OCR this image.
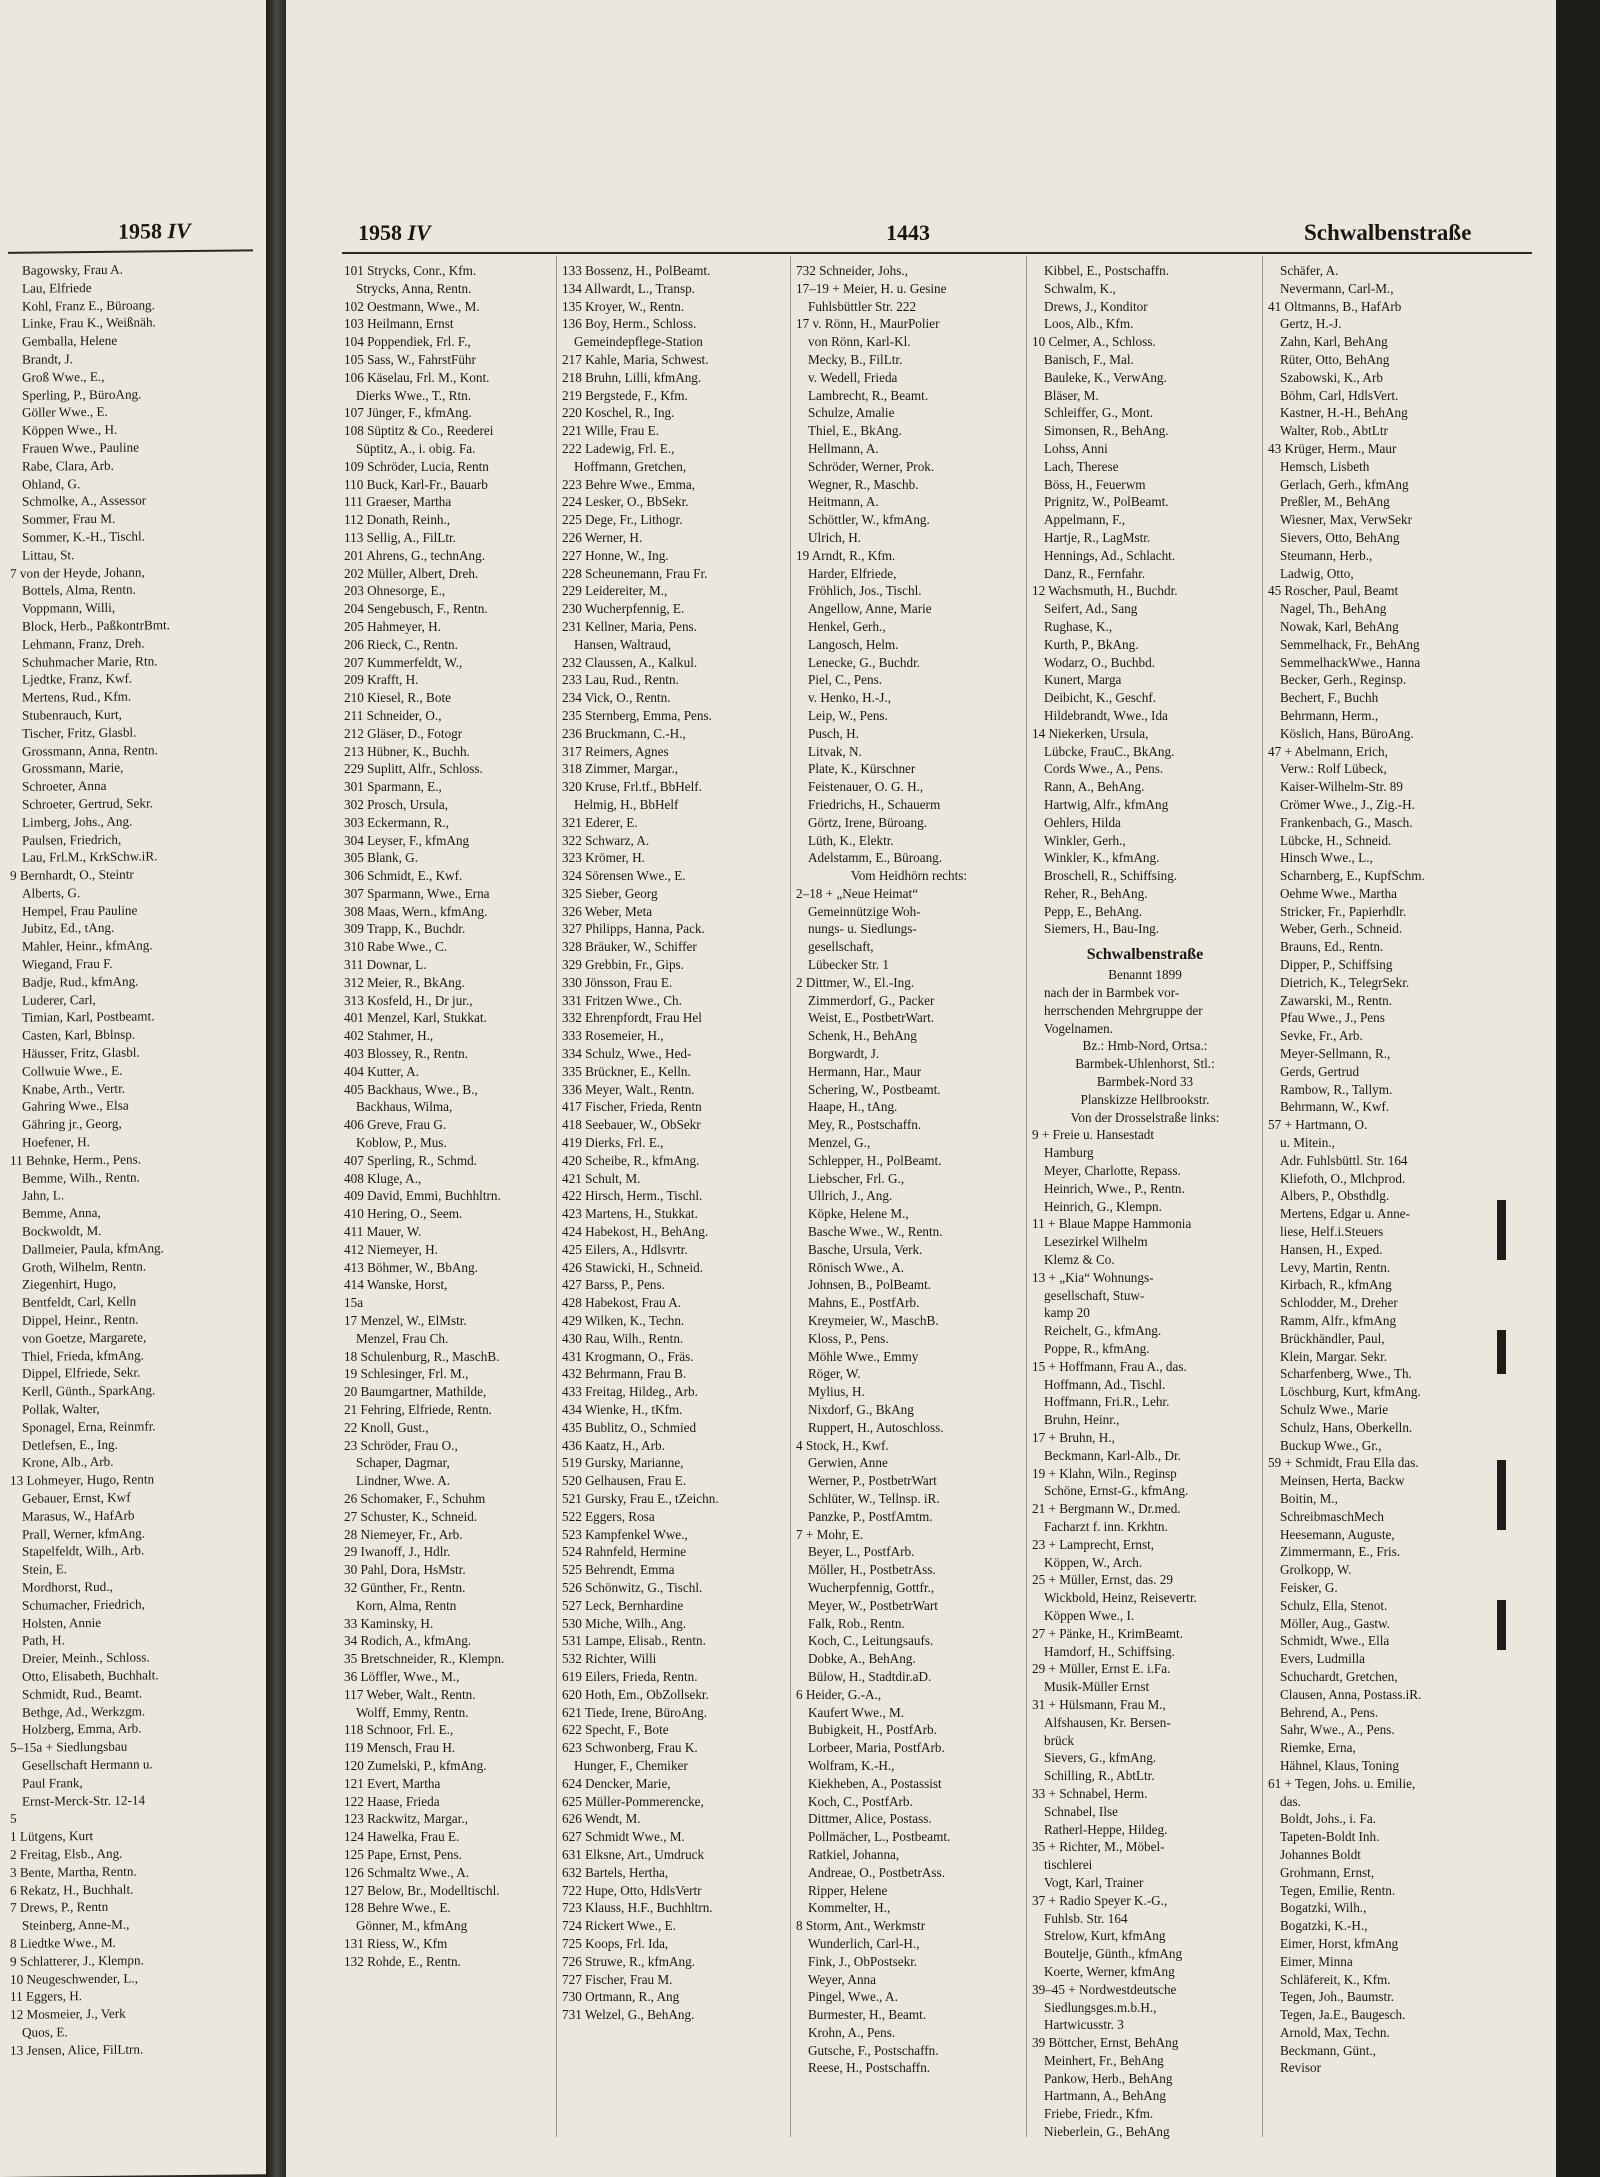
1958 IV
Bagowsky, Frau A.
Lau, Elfriede
Kohl, Franz E., Büroang.
Linke, Frau K., Weißnäh.
Gemballa, Helene
Brandt, J.
Groß Wwe., E.,
Sperling, P., BüroAng.
Göller Wwe., E.
Köppen Wwe., H.
Frauen Wwe., Pauline
Rabe, Clara, Arb.
Ohland, G.
Schmolke, A., Assessor
Sommer, Frau M.
Sommer, K.-H., Tischl.
Littau, St.
7 von der Heyde, Johann,
Bottels, Alma, Rentn.
Voppmann, Willi,
Block, Herb., PaßkontrBmt.
Lehmann, Franz, Dreh.
Schuhmacher Marie, Rtn.
Ljedtke, Franz, Kwf.
Mertens, Rud., Kfm.
Stubenrauch, Kurt,
Tischer, Fritz, Glasbl.
Grossmann, Anna, Rentn.
Grossmann, Marie,
Schroeter, Anna
Schroeter, Gertrud, Sekr.
Limberg, Johs., Ang.
Paulsen, Friedrich,
Lau, Frl.M., KrkSchw.iR.
9 Bernhardt, O., Steintr
Alberts, G.
Hempel, Frau Pauline
Jubitz, Ed., tAng.
Mahler, Heinr., kfmAng.
Wiegand, Frau F.
Badje, Rud., kfmAng.
Luderer, Carl,
Timian, Karl, Postbeamt.
Casten, Karl, Bblnsp.
Häusser, Fritz, Glasbl.
Collwuie Wwe., E.
Knabe, Arth., Vertr.
Gahring Wwe., Elsa
Gähring jr., Georg,
Hoefener, H.
11 Behnke, Herm., Pens.
Bemme, Wilh., Rentn.
Jahn, L.
Bemme, Anna,
Bockwoldt, M.
Dallmeier, Paula, kfmAng.
Groth, Wilhelm, Rentn.
Ziegenhirt, Hugo,
Bentfeldt, Carl, Kelln
Dippel, Heinr., Rentn.
von Goetze, Margarete,
Thiel, Frieda, kfmAng.
Dippel, Elfriede, Sekr.
Kerll, Günth., SparkAng.
Pollak, Walter,
Sponagel, Erna, Reinmfr.
Detlefsen, E., Ing.
Krone, Alb., Arb.
13 Lohmeyer, Hugo, Rentn
Gebauer, Ernst, Kwf
Marasus, W., HafArb
Prall, Werner, kfmAng.
Stapelfeldt, Wilh., Arb.
Stein, E.
Mordhorst, Rud.,
Schumacher, Friedrich,
Holsten, Annie
Path, H.
Dreier, Meinh., Schloss.
Otto, Elisabeth, Buchhalt.
Schmidt, Rud., Beamt.
Bethge, Ad., Werkzgm.
Holzberg, Emma, Arb.
5–15a + Siedlungsbau
Gesellschaft Hermann u.
Paul Frank,
Ernst-Merck-Str. 12-14
5
1 Lütgens, Kurt
2 Freitag, Elsb., Ang.
3 Bente, Martha, Rentn.
6 Rekatz, H., Buchhalt.
7 Drews, P., Rentn
Steinberg, Anne-M.,
8 Liedtke Wwe., M.
9 Schlatterer, J., Klempn.
10 Neugeschwender, L.,
11 Eggers, H.
12 Mosmeier, J., Verk
Quos, E.
13 Jensen, Alice, FilLtrn.
1958 IV	1443	Schwalbenstraße
101 Strycks, Conr., Kfm.
Strycks, Anna, Rentn.
102 Oestmann, Wwe., M.
103 Heilmann, Ernst
104 Poppendiek, Frl. F.,
105 Sass, W., FahrstFühr
106 Käselau, Frl. M., Kont.
Dierks Wwe., T., Rtn.
107 Jünger, F., kfmAng.
108 Süptitz & Co., Reederei
Süptitz, A., i. obig. Fa.
109 Schröder, Lucia, Rentn
110 Buck, Karl-Fr., Bauarb
111 Graeser, Martha
112 Donath, Reinh.,
113 Sellig, A., FilLtr.
201 Ahrens, G., technAng.
202 Müller, Albert, Dreh.
203 Ohnesorge, E.,
204 Sengebusch, F., Rentn.
205 Hahmeyer, H.
206 Rieck, C., Rentn.
207 Kummerfeldt, W.,
209 Krafft, H.
210 Kiesel, R., Bote
211 Schneider, O.,
212 Gläser, D., Fotogr
213 Hübner, K., Buchh.
229 Suplitt, Alfr., Schloss.
301 Sparmann, E.,
302 Prosch, Ursula,
303 Eckermann, R.,
304 Leyser, F., kfmAng
305 Blank, G.
306 Schmidt, E., Kwf.
307 Sparmann, Wwe., Erna
308 Maas, Wern., kfmAng.
309 Trapp, K., Buchdr.
310 Rabe Wwe., C.
311 Downar, L.
312 Meier, R., BkAng.
313 Kosfeld, H., Dr jur.,
401 Menzel, Karl, Stukkat.
402 Stahmer, H.,
403 Blossey, R., Rentn.
404 Kutter, A.
405 Backhaus, Wwe., B.,
Backhaus, Wilma,
406 Greve, Frau G.
Koblow, P., Mus.
407 Sperling, R., Schmd.
408 Kluge, A.,
409 David, Emmi, Buchhltrn.
410 Hering, O., Seem.
411 Mauer, W.
412 Niemeyer, H.
413 Böhmer, W., BbAng.
414 Wanske, Horst,
15a
17 Menzel, W., ElMstr.
Menzel, Frau Ch.
18 Schulenburg, R., MaschB.
19 Schlesinger, Frl. M.,
20 Baumgartner, Mathilde,
21 Fehring, Elfriede, Rentn.
22 Knoll, Gust.,
23 Schröder, Frau O.,
Schaper, Dagmar,
Lindner, Wwe. A.
26 Schomaker, F., Schuhm
27 Schuster, K., Schneid.
28 Niemeyer, Fr., Arb.
29 Iwanoff, J., Hdlr.
30 Pahl, Dora, HsMstr.
32 Günther, Fr., Rentn.
Korn, Alma, Rentn
33 Kaminsky, H.
34 Rodich, A., kfmAng.
35 Bretschneider, R., Klempn.
36 Löffler, Wwe., M.,
117 Weber, Walt., Rentn.
Wolff, Emmy, Rentn.
118 Schnoor, Frl. E.,
119 Mensch, Frau H.
120 Zumelski, P., kfmAng.
121 Evert, Martha
122 Haase, Frieda
123 Rackwitz, Margar.,
124 Hawelka, Frau E.
125 Pape, Ernst, Pens.
126 Schmaltz Wwe., A.
127 Below, Br., Modelltischl.
128 Behre Wwe., E.
Gönner, M., kfmAng
131 Riess, W., Kfm
132 Rohde, E., Rentn.
133 Bossenz, H., PolBeamt.
134 Allwardt, L., Transp.
135 Kroyer, W., Rentn.
136 Boy, Herm., Schloss.
Gemeindepflege-Station
217 Kahle, Maria, Schwest.
218 Bruhn, Lilli, kfmAng.
219 Bergstede, F., Kfm.
220 Koschel, R., Ing.
221 Wille, Frau E.
222 Ladewig, Frl. E.,
Hoffmann, Gretchen,
223 Behre Wwe., Emma,
224 Lesker, O., BbSekr.
225 Dege, Fr., Lithogr.
226 Werner, H.
227 Honne, W., Ing.
228 Scheunemann, Frau Fr.
229 Leidereiter, M.,
230 Wucherpfennig, E.
231 Kellner, Maria, Pens.
Hansen, Waltraud,
232 Claussen, A., Kalkul.
233 Lau, Rud., Rentn.
234 Vick, O., Rentn.
235 Sternberg, Emma, Pens.
236 Bruckmann, C.-H.,
317 Reimers, Agnes
318 Zimmer, Margar.,
320 Kruse, Frl.tf., BbHelf.
Helmig, H., BbHelf
321 Ederer, E.
322 Schwarz, A.
323 Krömer, H.
324 Sörensen Wwe., E.
325 Sieber, Georg
326 Weber, Meta
327 Philipps, Hanna, Pack.
328 Bräuker, W., Schiffer
329 Grebbin, Fr., Gips.
330 Jönsson, Frau E.
331 Fritzen Wwe., Ch.
332 Ehrenpfordt, Frau Hel
333 Rosemeier, H.,
334 Schulz, Wwe., Hed-
335 Brückner, E., Kelln.
336 Meyer, Walt., Rentn.
417 Fischer, Frieda, Rentn
418 Seebauer, W., ObSekr
419 Dierks, Frl. E.,
420 Scheibe, R., kfmAng.
421 Schult, M.
422 Hirsch, Herm., Tischl.
423 Martens, H., Stukkat.
424 Habekost, H., BehAng.
425 Eilers, A., Hdlsvrtr.
426 Stawicki, H., Schneid.
427 Barss, P., Pens.
428 Habekost, Frau A.
429 Wilken, K., Techn.
430 Rau, Wilh., Rentn.
431 Krogmann, O., Fräs.
432 Behrmann, Frau B.
433 Freitag, Hildeg., Arb.
434 Wienke, H., tKfm.
435 Bublitz, O., Schmied
436 Kaatz, H., Arb.
519 Gursky, Marianne,
520 Gelhausen, Frau E.
521 Gursky, Frau E., tZeichn.
522 Eggers, Rosa
523 Kampfenkel Wwe.,
524 Rahnfeld, Hermine
525 Behrendt, Emma
526 Schönwitz, G., Tischl.
527 Leck, Bernhardine
530 Miche, Wilh., Ang.
531 Lampe, Elisab., Rentn.
532 Richter, Willi
619 Eilers, Frieda, Rentn.
620 Hoth, Em., ObZollsekr.
621 Tiede, Irene, BüroAng.
622 Specht, F., Bote
623 Schwonberg, Frau K.
Hunger, F., Chemiker
624 Dencker, Marie,
625 Müller-Pommerencke,
626 Wendt, M.
627 Schmidt Wwe., M.
631 Elksne, Art., Umdruck
632 Bartels, Hertha,
722 Hupe, Otto, HdlsVertr
723 Klauss, H.F., Buchhltrn.
724 Rickert Wwe., E.
725 Koops, Frl. Ida,
726 Struwe, R., kfmAng.
727 Fischer, Frau M.
730 Ortmann, R., Ang
731 Welzel, G., BehAng.
732 Schneider, Johs.,
17–19 + Meier, H. u. Gesine
Fuhlsbüttler Str. 222
17 v. Rönn, H., MaurPolier
von Rönn, Karl-Kl.
Mecky, B., FilLtr.
v. Wedell, Frieda
Lambrecht, R., Beamt.
Schulze, Amalie
Thiel, E., BkAng.
Hellmann, A.
Schröder, Werner, Prok.
Wegner, R., Maschb.
Heitmann, A.
Schöttler, W., kfmAng.
Ulrich, H.
19 Arndt, R., Kfm.
Harder, Elfriede,
Fröhlich, Jos., Tischl.
Angellow, Anne, Marie
Henkel, Gerh.,
Langosch, Helm.
Lenecke, G., Buchdr.
Piel, C., Pens.
v. Henko, H.-J.,
Leip, W., Pens.
Pusch, H.
Litvak, N.
Plate, K., Kürschner
Feistenauer, O. G. H.,
Friedrichs, H., Schauerm
Görtz, Irene, Büroang.
Lüth, K., Elektr.
Adelstamm, E., Büroang.
Vom Heidhörn rechts:
2–18 + „Neue Heimat“
Gemeinnützige Woh-
nungs- u. Siedlungs-
gesellschaft,
Lübecker Str. 1
2 Dittmer, W., El.-Ing.
Zimmerdorf, G., Packer
Weist, E., PostbetrWart.
Schenk, H., BehAng
Borgwardt, J.
Hermann, Har., Maur
Schering, W., Postbeamt.
Haape, H., tAng.
Mey, R., Postschaffn.
Menzel, G.,
Schlepper, H., PolBeamt.
Liebscher, Frl. G.,
Ullrich, J., Ang.
Köpke, Helene M.,
Basche Wwe., W., Rentn.
Basche, Ursula, Verk.
Rönisch Wwe., A.
Johnsen, B., PolBeamt.
Mahns, E., PostfArb.
Kreymeier, W., MaschB.
Kloss, P., Pens.
Möhle Wwe., Emmy
Röger, W.
Mylius, H.
Nixdorf, G., BkAng
Ruppert, H., Autoschloss.
4 Stock, H., Kwf.
Gerwien, Anne
Werner, P., PostbetrWart
Schlüter, W., Tellnsp. iR.
Panzke, P., PostfAmtm.
7 + Mohr, E.
Beyer, L., PostfArb.
Möller, H., PostbetrAss.
Wucherpfennig, Gottfr.,
Meyer, W., PostbetrWart
Falk, Rob., Rentn.
Koch, C., Leitungsaufs.
Dobke, A., BehAng.
Bülow, H., Stadtdir.aD.
6 Heider, G.-A.,
Kaufert Wwe., M.
Bubigkeit, H., PostfArb.
Lorbeer, Maria, PostfArb.
Wolfram, K.-H.,
Kiekheben, A., Postassist
Koch, C., PostfArb.
Dittmer, Alice, Postass.
Pollmächer, L., Postbeamt.
Ratkiel, Johanna,
Andreae, O., PostbetrAss.
Ripper, Helene
Kommelter, H.,
8 Storm, Ant., Werkmstr
Wunderlich, Carl-H.,
Fink, J., ObPostsekr.
Weyer, Anna
Pingel, Wwe., A.
Burmester, H., Beamt.
Krohn, A., Pens.
Gutsche, F., Postschaffn.
Reese, H., Postschaffn.
Kibbel, E., Postschaffn.
Schwalm, K.,
Drews, J., Konditor
Loos, Alb., Kfm.
10 Celmer, A., Schloss.
Banisch, F., Mal.
Bauleke, K., VerwAng.
Bläser, M.
Schleiffer, G., Mont.
Simonsen, R., BehAng.
Lohss, Anni
Lach, Therese
Böss, H., Feuerwm
Prignitz, W., PolBeamt.
Appelmann, F.,
Hartje, R., LagMstr.
Hennings, Ad., Schlacht.
Danz, R., Fernfahr.
12 Wachsmuth, H., Buchdr.
Seifert, Ad., Sang
Rughase, K.,
Kurth, P., BkAng.
Wodarz, O., Buchbd.
Kunert, Marga
Deibicht, K., Geschf.
Hildebrandt, Wwe., Ida
14 Niekerken, Ursula,
Lübcke, FrauC., BkAng.
Cords Wwe., A., Pens.
Rann, A., BehAng.
Hartwig, Alfr., kfmAng
Oehlers, Hilda
Winkler, Gerh.,
Winkler, K., kfmAng.
Broschell, R., Schiffsing.
Reher, R., BehAng.
Pepp, E., BehAng.
Siemers, H., Bau-Ing.
Schwalbenstraße
Benannt 1899
nach der in Barmbek vor-
herrschenden Mehrgruppe der
Vogelnamen.
Bz.: Hmb-Nord, Ortsa.:
Barmbek-Uhlenhorst, Stl.:
Barmbek-Nord 33
Planskizze Hellbrookstr.
Von der Drosselstraße links:
9 + Freie u. Hansestadt
Hamburg
Meyer, Charlotte, Repass.
Heinrich, Wwe., P., Rentn.
Heinrich, G., Klempn.
11 + Blaue Mappe Hammonia
Lesezirkel Wilhelm
Klemz & Co.
13 + „Kia“ Wohnungs-
gesellschaft, Stuw-
kamp 20
Reichelt, G., kfmAng.
Poppe, R., kfmAng.
15 + Hoffmann, Frau A., das.
Hoffmann, Ad., Tischl.
Hoffmann, Fri.R., Lehr.
Bruhn, Heinr.,
17 + Bruhn, H.,
Beckmann, Karl-Alb., Dr.
19 + Klahn, Wiln., Reginsp
Schöne, Ernst-G., kfmAng.
21 + Bergmann W., Dr.med.
Facharzt f. inn. Krkhtn.
23 + Lamprecht, Ernst,
Köppen, W., Arch.
25 + Müller, Ernst, das. 29
Wickbold, Heinz, Reisevertr.
Köppen Wwe., I.
27 + Pänke, H., KrimBeamt.
Hamdorf, H., Schiffsing.
29 + Müller, Ernst E. i.Fa.
Musik-Müller Ernst
31 + Hülsmann, Frau M.,
Alfshausen, Kr. Bersen-
brück
Sievers, G., kfmAng.
Schilling, R., AbtLtr.
33 + Schnabel, Herm.
Schnabel, Ilse
Ratherl-Heppe, Hildeg.
35 + Richter, M., Möbel-
tischlerei
Vogt, Karl, Trainer
37 + Radio Speyer K.-G.,
Fuhlsb. Str. 164
Strelow, Kurt, kfmAng
Boutelje, Günth., kfmAng
Koerte, Werner, kfmAng
39–45 + Nordwestdeutsche
Siedlungsges.m.b.H.,
Hartwicusstr. 3
39 Böttcher, Ernst, BehAng
Meinhert, Fr., BehAng
Pankow, Herb., BehAng
Hartmann, A., BehAng
Friebe, Friedr., Kfm.
Nieberlein, G., BehAng
Schäfer, A.
Nevermann, Carl-M.,
41 Oltmanns, B., HafArb
Gertz, H.-J.
Zahn, Karl, BehAng
Rüter, Otto, BehAng
Szabowski, K., Arb
Böhm, Carl, HdlsVert.
Kastner, H.-H., BehAng
Walter, Rob., AbtLtr
43 Krüger, Herm., Maur
Hemsch, Lisbeth
Gerlach, Gerh., kfmAng
Preßler, M., BehAng
Wiesner, Max, VerwSekr
Sievers, Otto, BehAng
Steumann, Herb.,
Ladwig, Otto,
45 Roscher, Paul, Beamt
Nagel, Th., BehAng
Nowak, Karl, BehAng
Semmelhack, Fr., BehAng
SemmelhackWwe., Hanna
Becker, Gerh., Reginsp.
Bechert, F., Buchh
Behrmann, Herm.,
Köslich, Hans, BüroAng.
47 + Abelmann, Erich,
Verw.: Rolf Lübeck,
Kaiser-Wilhelm-Str. 89
Crömer Wwe., J., Zig.-H.
Frankenbach, G., Masch.
Lübcke, H., Schneid.
Hinsch Wwe., L.,
Scharnberg, E., KupfSchm.
Oehme Wwe., Martha
Stricker, Fr., Papierhdlr.
Weber, Gerh., Schneid.
Brauns, Ed., Rentn.
Dipper, P., Schiffsing
Dietrich, K., TelegrSekr.
Zawarski, M., Rentn.
Pfau Wwe., J., Pens
Sevke, Fr., Arb.
Meyer-Sellmann, R.,
Gerds, Gertrud
Rambow, R., Tallym.
Behrmann, W., Kwf.
57 + Hartmann, O.
u. Mitein.,
Adr. Fuhlsbüttl. Str. 164
Kliefoth, O., Mlchprod.
Albers, P., Obsthdlg.
Mertens, Edgar u. Anne-
liese, Helf.i.Steuers
Hansen, H., Exped.
Levy, Martin, Rentn.
Kirbach, R., kfmAng
Schlodder, M., Dreher
Ramm, Alfr., kfmAng
Brückhändler, Paul,
Klein, Margar. Sekr.
Scharfenberg, Wwe., Th.
Löschburg, Kurt, kfmAng.
Schulz Wwe., Marie
Schulz, Hans, Oberkelln.
Buckup Wwe., Gr.,
59 + Schmidt, Frau Ella das.
Meinsen, Herta, Backw
Boitin, M.,
SchreibmaschMech
Heesemann, Auguste,
Zimmermann, E., Fris.
Grolkopp, W.
Feisker, G.
Schulz, Ella, Stenot.
Möller, Aug., Gastw.
Schmidt, Wwe., Ella
Evers, Ludmilla
Schuchardt, Gretchen,
Clausen, Anna, Postass.iR.
Behrend, A., Pens.
Sahr, Wwe., A., Pens.
Riemke, Erna,
Hähnel, Klaus, Toning
61 + Tegen, Johs. u. Emilie,
das.
Boldt, Johs., i. Fa.
Tapeten-Boldt Inh.
Johannes Boldt
Grohmann, Ernst,
Tegen, Emilie, Rentn.
Bogatzki, Wilh.,
Bogatzki, K.-H.,
Eimer, Horst, kfmAng
Eimer, Minna
Schläfereit, K., Kfm.
Tegen, Joh., Baumstr.
Tegen, Ja.E., Baugesch.
Arnold, Max, Techn.
Beckmann, Günt.,
Revisor
